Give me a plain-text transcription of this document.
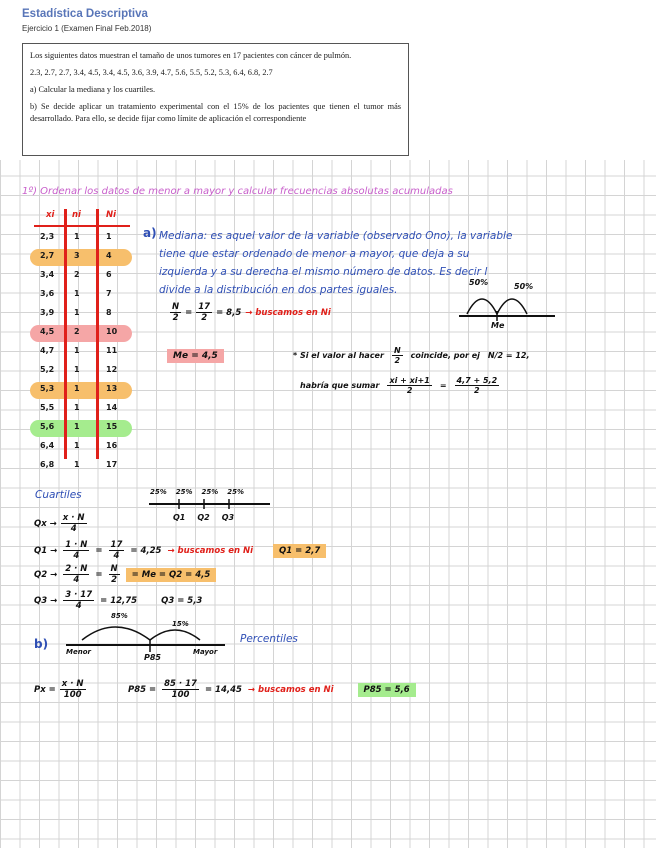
Estadística Descriptiva
Ejercicio 1 (Examen Final Feb.2018)

Los siguientes datos muestran el tamaño de unos tumores en 17 pacientes con cáncer de pulmón.

2.3, 2.7, 2.7, 3.4, 4.5, 3.4, 4.5, 3.6, 3.9, 4.7, 5.6, 5.5, 5.2, 5.3, 6.4, 6.8, 2.7

a) Calcular la mediana y los cuartiles.

b) Se decide aplicar un tratamiento experimental con el 15% de los pacientes que tienen el tumor más desarrollado. Para ello, se decide fijar como límite de aplicación el correspondiente

1º) Ordenar los datos de menor a mayor y calcular frecuencias absolutas acumuladas
xi ni	Ni
2,3 1	1
2,7 3	4
3,4 2	6
3,6 1	7
3,9 1	8
4,5 2	10
4,7 1	11
5,2 1	12
5,3 1	13
5,5 1	14
5,6 1	15
6,4 1	16
6,8 1	17
a) Mediana: es aquel valor de la variable (observado Ono), la variable
tiene que estar ordenado de menor a mayor, que deja a su
izquierda y a su derecha el mismo número de datos. Es decir l
divide a la distribución en dos partes iguales.
50%	50%
Me
$\frac{N}{2} = \frac{17}{2} = 8,5$ → buscamos en Ni
Me = 4,5	* Si el valor al hacer $\frac{N}{2}$ coincide, por ej N/2 = 12,
habría que sumar $\frac{xi + xi+1}{2} = \frac{4,7 + 5,2}{2}$
Cuartiles	25% 25% 25% 25%
Q1 Q2 Q3
$Qx \to \frac{x \cdot N}{4}$
$Q1 \to \frac{1 \cdot N}{4} = \frac{17}{4} = 4,25$ → buscamos en Ni	Q1 = 2,7
$Q2 \to \frac{2 \cdot N}{4} = \frac{N}{2}$	= Me = Q2 = 4,5
$Q3 \to \frac{3 \cdot 17}{4} = 12,75$	Q3 = 5,3
b)
85%
15%
Menor	Mayor
P85
Percentiles
$Px = \frac{x \cdot N}{100}$	$P85 = \frac{85 \cdot 17}{100} = 14,45$ → buscamos en Ni	P85 = 5,6
